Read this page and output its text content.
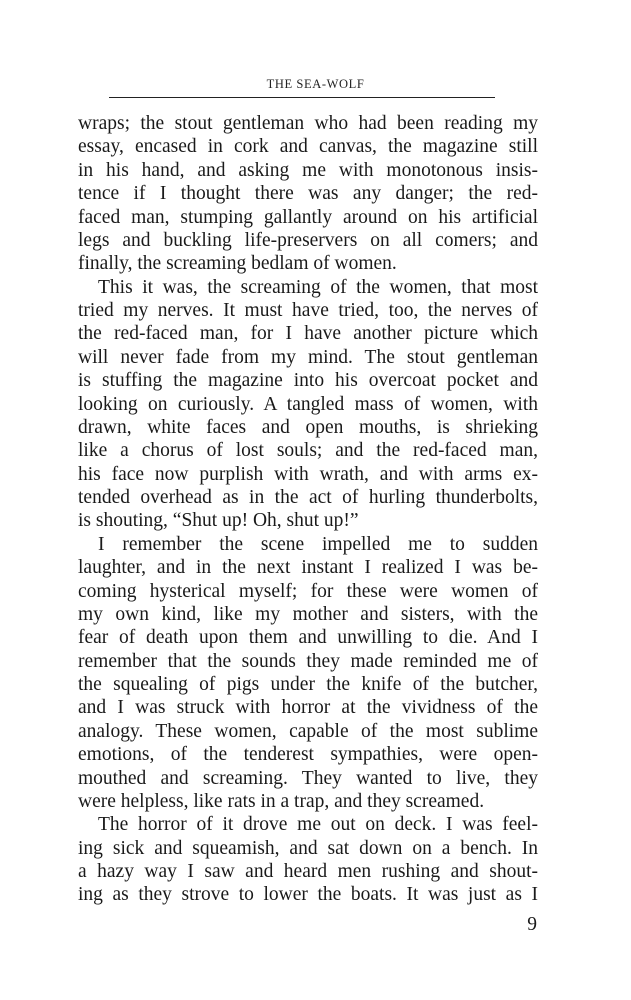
THE SEA-WOLF
wraps; the stout gentleman who had been reading my
essay, encased in cork and canvas, the magazine still
in his hand, and asking me with monotonous insis-
tence if I thought there was any danger; the red-
faced man, stumping gallantly around on his artificial
legs and buckling life-preservers on all comers; and
finally, the screaming bedlam of women.
This it was, the screaming of the women, that most
tried my nerves. It must have tried, too, the nerves of
the red-faced man, for I have another picture which
will never fade from my mind. The stout gentleman
is stuffing the magazine into his overcoat pocket and
looking on curiously. A tangled mass of women, with
drawn, white faces and open mouths, is shrieking
like a chorus of lost souls; and the red-faced man,
his face now purplish with wrath, and with arms ex-
tended overhead as in the act of hurling thunderbolts,
is shouting, “Shut up! Oh, shut up!”
I remember the scene impelled me to sudden
laughter, and in the next instant I realized I was be-
coming hysterical myself; for these were women of
my own kind, like my mother and sisters, with the
fear of death upon them and unwilling to die. And I
remember that the sounds they made reminded me of
the squealing of pigs under the knife of the butcher,
and I was struck with horror at the vividness of the
analogy. These women, capable of the most sublime
emotions, of the tenderest sympathies, were open-
mouthed and screaming. They wanted to live, they
were helpless, like rats in a trap, and they screamed.
The horror of it drove me out on deck. I was feel-
ing sick and squeamish, and sat down on a bench. In
a hazy way I saw and heard men rushing and shout-
ing as they strove to lower the boats. It was just as I
9
